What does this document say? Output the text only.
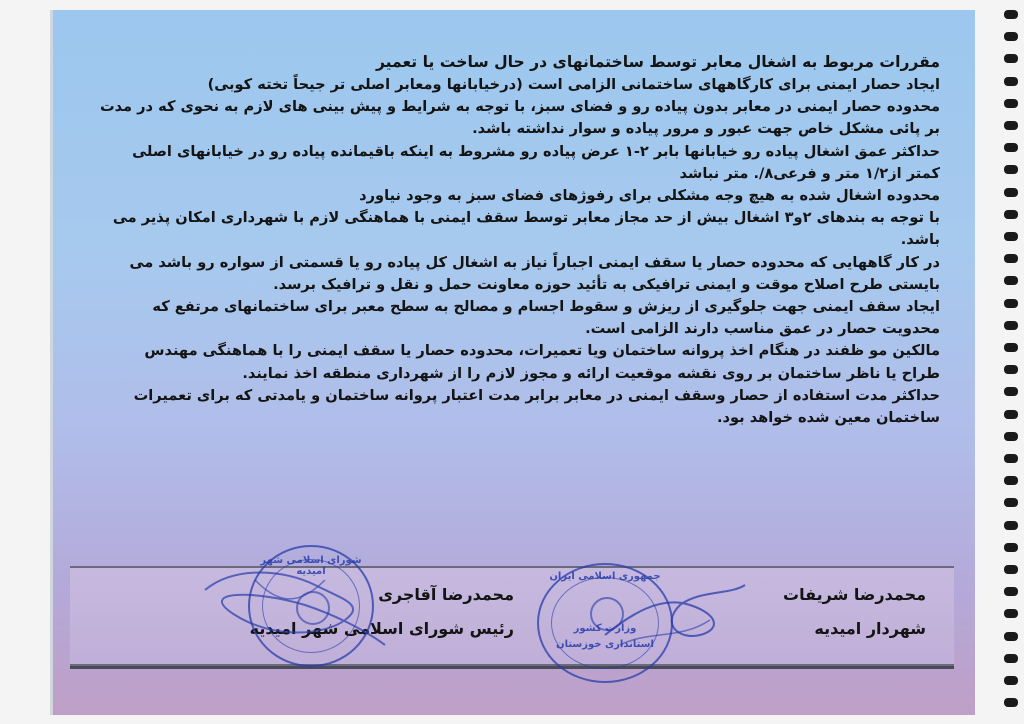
مقررات مربوط به اشغال معابر توسط ساختمانهای در حال ساخت یا تعمیر
ایجاد حصار ایمنی برای کارگاههای ساختمانی الزامی است (درخیابانها ومعابر اصلی تر جیحاً تخته کوبی)
محدوده حصار ایمنی در معابر بدون پیاده رو و فضای سبز، با توجه به شرایط و پیش بینی های لازم به نحوی که در مدت
بر پائی مشکل خاص جهت عبور و مرور پیاده و سوار نداشته باشد.
حداکثر عمق اشغال پیاده رو خیابانها بابر ۲-۱ عرض پیاده رو مشروط به اینکه باقیمانده پیاده رو در خیابانهای اصلی
کمتر از۱/۲ متر و فرعی۸/. متر نباشد
محدوده اشغال شده به هیچ وجه مشکلی برای رفوژهای فضای سبز به وجود نیاورد
با توجه به بندهای ۲و۳ اشغال بیش از حد مجاز معابر توسط سقف ایمنی با هماهنگی لازم با شهرداری امکان پذیر می
باشد.
در کار گاههایی که محدوده حصار یا سقف ایمنی اجباراً نیاز به اشغال کل پیاده رو یا قسمتی از سواره رو باشد می
بایستی طرح اصلاح موقت و ایمنی ترافیکی به تأئید حوزه معاونت حمل و نقل و ترافیک برسد.
ایجاد سقف ایمنی جهت جلوگیری از ریزش و سقوط اجسام و مصالح به سطح معبر برای ساختمانهای مرتفع که
محدویت حصار در عمق مناسب دارند الزامی است.
مالکین مو ظفند در هنگام اخذ پروانه ساختمان ویا تعمیرات، محدوده حصار یا سقف ایمنی را با هماهنگی مهندس
طراح یا ناظر ساختمان بر روی نقشه موقعیت ارائه و مجوز لازم را از شهرداری منطقه اخذ نمایند.
حداکثر مدت استفاده از حصار وسقف ایمنی در معابر برابر مدت اعتبار پروانه ساختمان و یامدتی که برای تعمیرات
ساختمان معین شده خواهد بود.
محمدرضا شریفات
شهردار امیدیه
محمدرضا آقاجری
رئیس شورای اسلامی شهر امیدیه
شورای اسلامی شهر امیدیه	جمهوری اسلامی ایران
وزارت کشور
استانداری خوزستان
